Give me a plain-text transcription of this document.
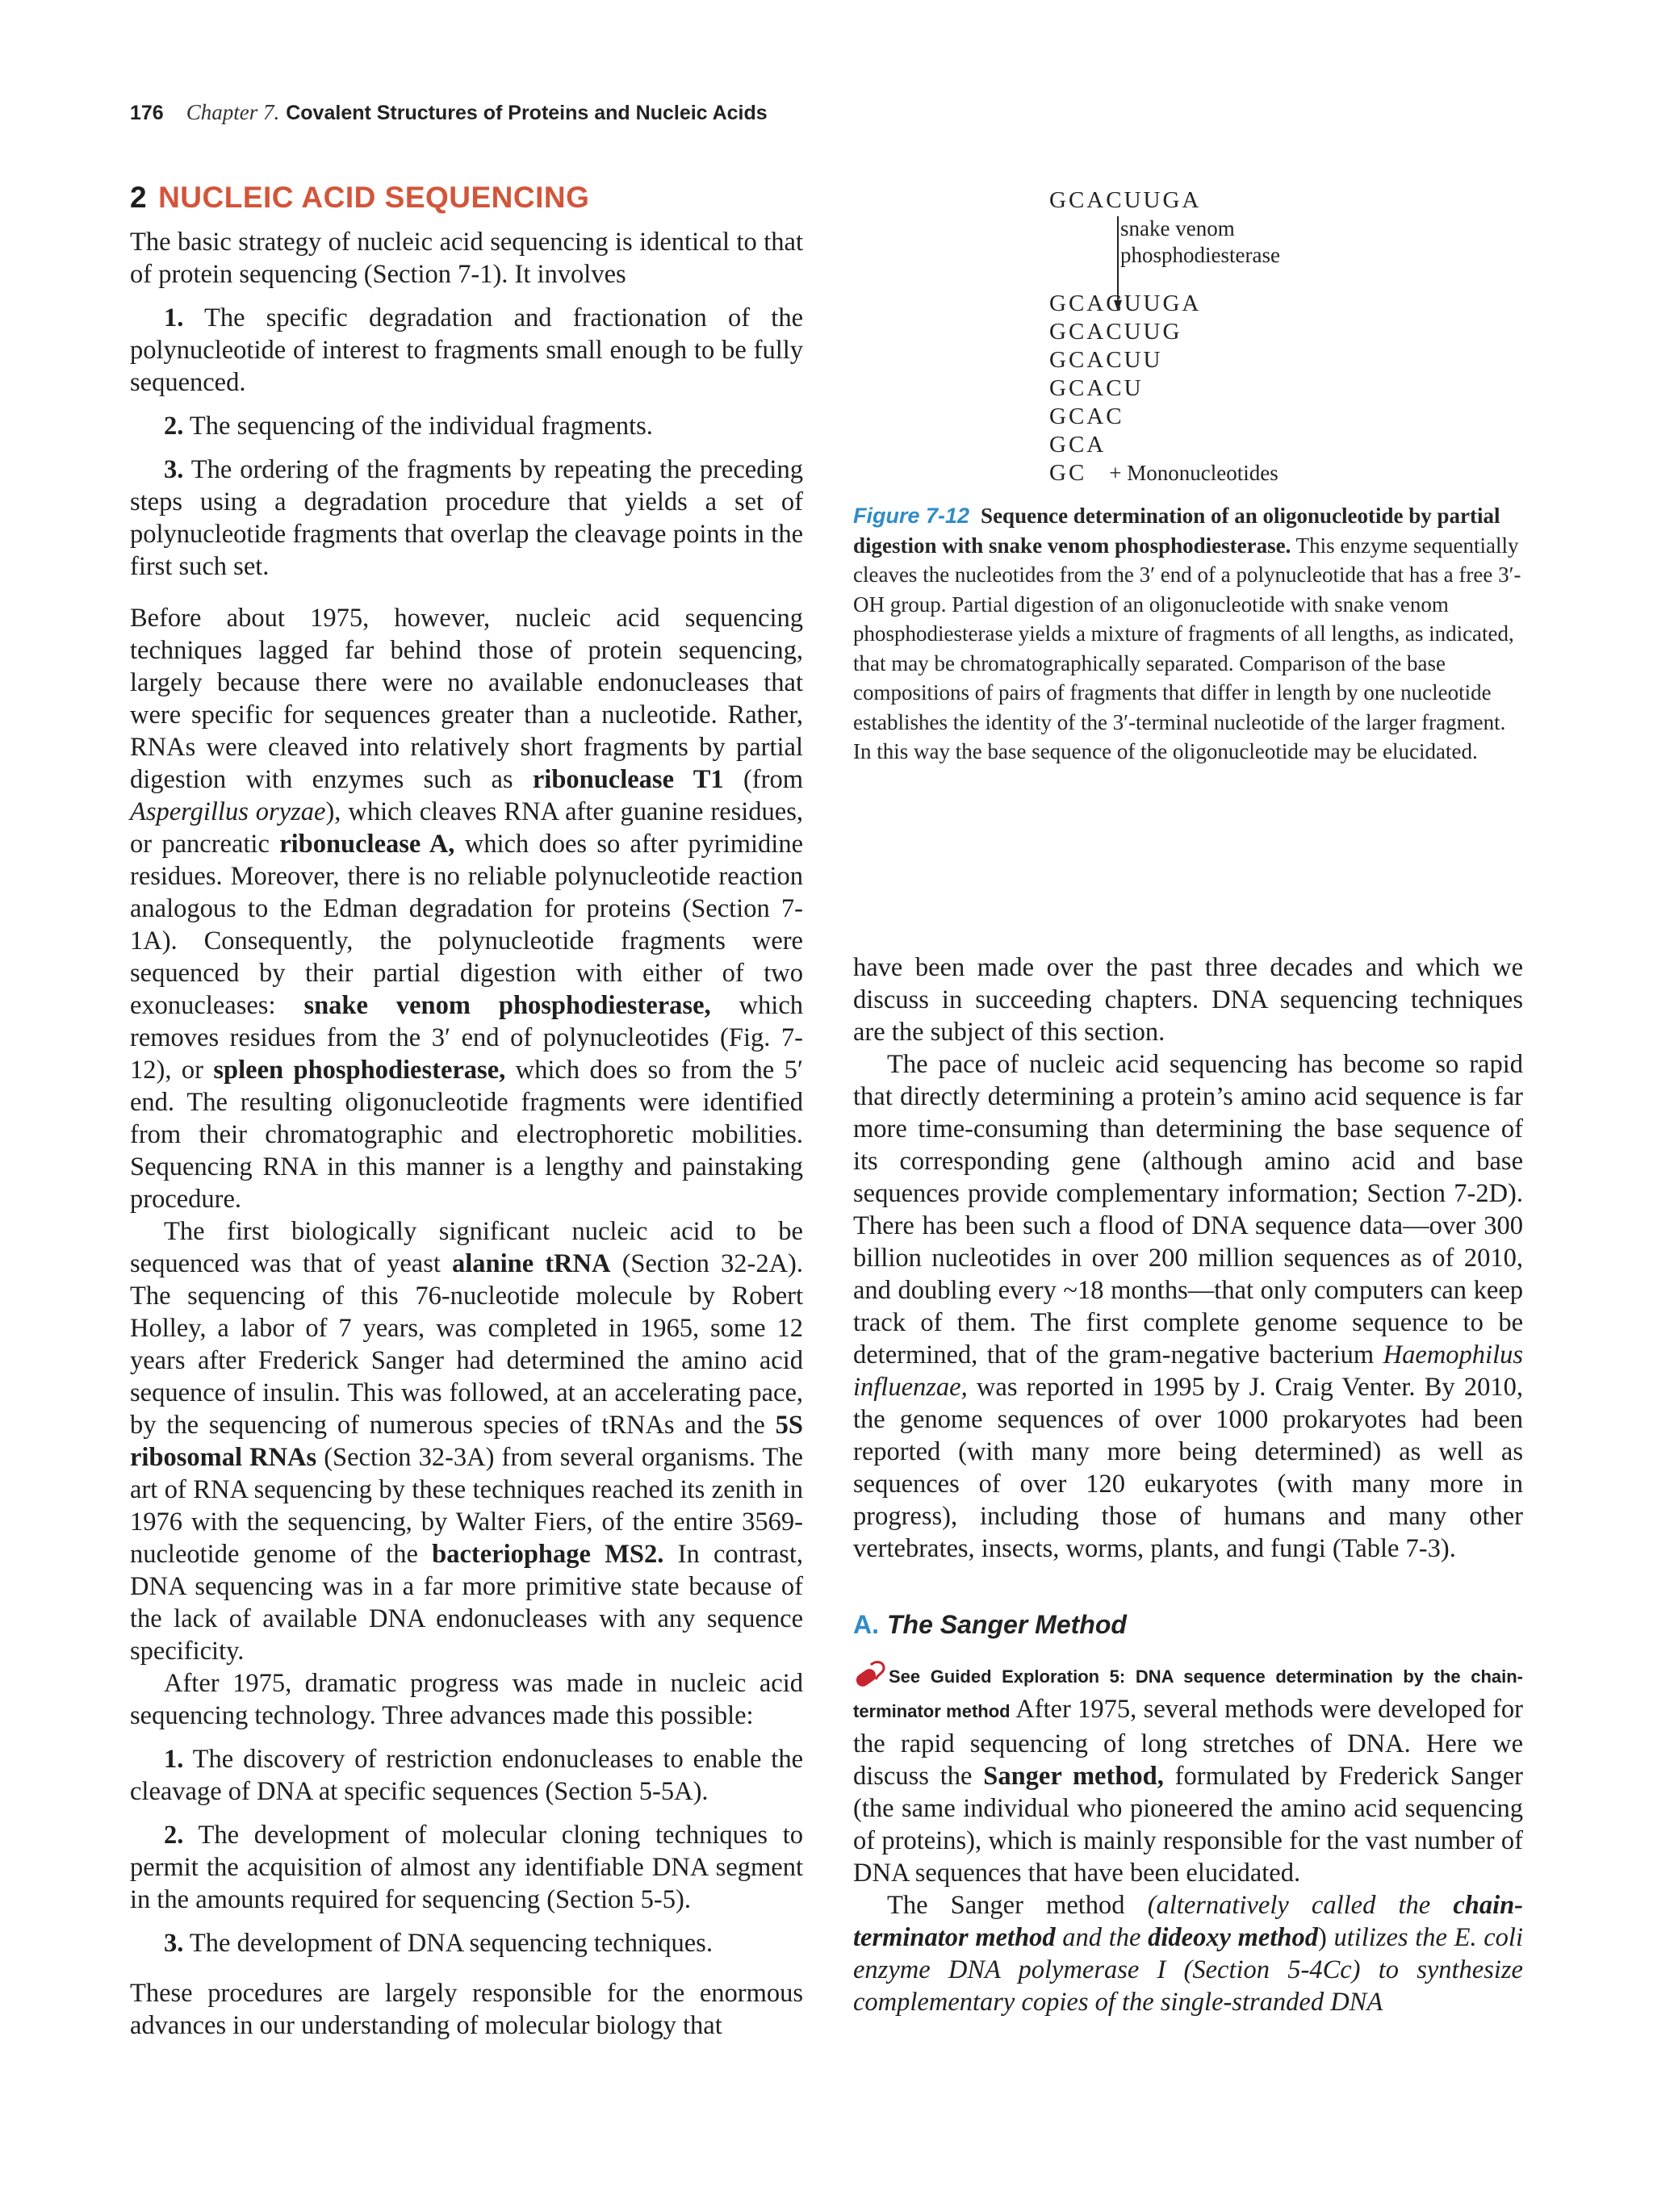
176 Chapter 7. Covalent Structures of Proteins and Nucleic Acids
2 NUCLEIC ACID SEQUENCING

The basic strategy of nucleic acid sequencing is identical to that of protein sequencing (Section 7-1). It involves

1. The specific degradation and fractionation of the polynucleotide of interest to fragments small enough to be fully sequenced.

2. The sequencing of the individual fragments.

3. The ordering of the fragments by repeating the preceding steps using a degradation procedure that yields a set of polynucleotide fragments that overlap the cleavage points in the first such set.

Before about 1975, however, nucleic acid sequencing techniques lagged far behind those of protein sequencing, largely because there were no available endonucleases that were specific for sequences greater than a nucleotide. Rather, RNAs were cleaved into relatively short fragments by partial digestion with enzymes such as ribonuclease T1 (from Aspergillus oryzae), which cleaves RNA after guanine residues, or pancreatic ribonuclease A, which does so after pyrimidine residues. Moreover, there is no reliable polynucleotide reaction analogous to the Edman degradation for proteins (Section 7-1A). Consequently, the polynucleotide fragments were sequenced by their partial digestion with either of two exonucleases: snake venom phosphodiesterase, which removes residues from the 3′ end of polynucleotides (Fig. 7-12), or spleen phosphodiesterase, which does so from the 5′ end. The resulting oligonucleotide fragments were identified from their chromatographic and electrophoretic mobilities. Sequencing RNA in this manner is a lengthy and painstaking procedure.

The first biologically significant nucleic acid to be sequenced was that of yeast alanine tRNA (Section 32-2A). The sequencing of this 76-nucleotide molecule by Robert Holley, a labor of 7 years, was completed in 1965, some 12 years after Frederick Sanger had determined the amino acid sequence of insulin. This was followed, at an accelerating pace, by the sequencing of numerous species of tRNAs and the 5S ribosomal RNAs (Section 32-3A) from several organisms. The art of RNA sequencing by these techniques reached its zenith in 1976 with the sequencing, by Walter Fiers, of the entire 3569-nucleotide genome of the bacteriophage MS2. In contrast, DNA sequencing was in a far more primitive state because of the lack of available DNA endonucleases with any sequence specificity.

After 1975, dramatic progress was made in nucleic acid sequencing technology. Three advances made this possible:

1. The discovery of restriction endonucleases to enable the cleavage of DNA at specific sequences (Section 5-5A).

2. The development of molecular cloning techniques to permit the acquisition of almost any identifiable DNA segment in the amounts required for sequencing (Section 5-5).

3. The development of DNA sequencing techniques.

These procedures are largely responsible for the enormous advances in our understanding of molecular biology that

GCACUUGA
snake venom
phosphodiesterase
GCACUUGA
GCACUUG
GCACUU
GCACU
GCAC
GCA
GC + Mononucleotides
Figure 7-12 Sequence determination of an oligonucleotide by partial digestion with snake venom phosphodiesterase. This enzyme sequentially cleaves the nucleotides from the 3′ end of a polynucleotide that has a free 3′-OH group. Partial digestion of an oligonucleotide with snake venom phosphodiesterase yields a mixture of fragments of all lengths, as indicated, that may be chromatographically separated. Comparison of the base compositions of pairs of fragments that differ in length by one nucleotide establishes the identity of the 3′-terminal nucleotide of the larger fragment. In this way the base sequence of the oligonucleotide may be elucidated.

have been made over the past three decades and which we discuss in succeeding chapters. DNA sequencing techniques are the subject of this section.

The pace of nucleic acid sequencing has become so rapid that directly determining a protein’s amino acid sequence is far more time-consuming than determining the base sequence of its corresponding gene (although amino acid and base sequences provide complementary information; Section 7-2D). There has been such a flood of DNA sequence data—over 300 billion nucleotides in over 200 million sequences as of 2010, and doubling every ~18 months—that only computers can keep track of them. The first complete genome sequence to be determined, that of the gram-negative bacterium Haemophilus influenzae, was reported in 1995 by J. Craig Venter. By 2010, the genome sequences of over 1000 prokaryotes had been reported (with many more being determined) as well as sequences of over 120 eukaryotes (with many more in progress), including those of humans and many other vertebrates, insects, worms, plants, and fungi (Table 7-3).

A. The Sanger Method

See Guided Exploration 5: DNA sequence determination by the chain-terminator method After 1975, several methods were developed for the rapid sequencing of long stretches of DNA. Here we discuss the Sanger method, formulated by Frederick Sanger (the same individual who pioneered the amino acid sequencing of proteins), which is mainly responsible for the vast number of DNA sequences that have been elucidated.

The Sanger method (alternatively called the chain-terminator method and the dideoxy method) utilizes the E. coli enzyme DNA polymerase I (Section 5-4Cc) to synthesize complementary copies of the single-stranded DNA
